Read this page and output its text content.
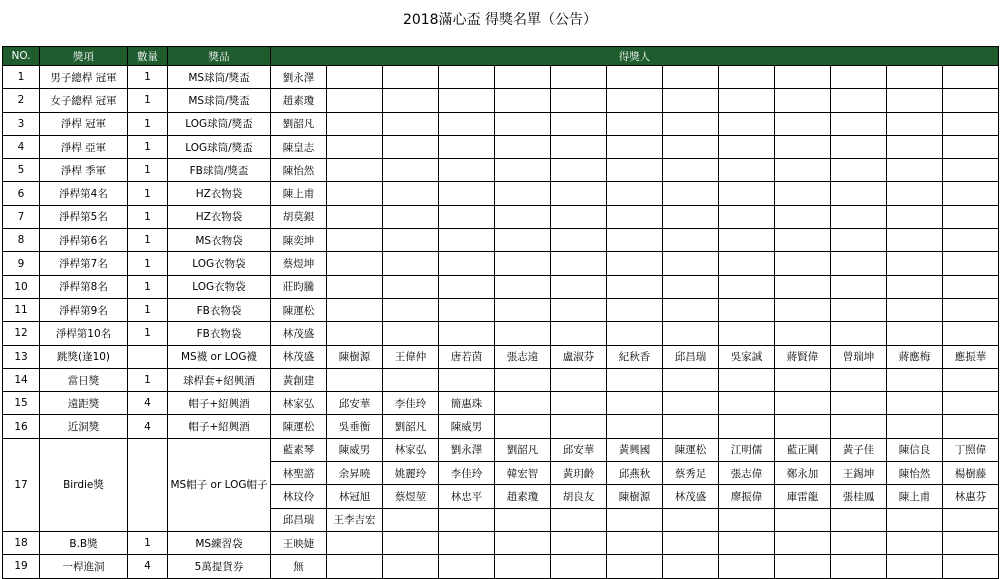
2018滿心盃 得獎名單（公告）
NO.	獎項	數量	獎品	得獎人												
1	男子總桿 冠軍	1	MS球筒/獎盃	劉永澤												
2	女子總桿 冠軍	1	MS球筒/獎盃	趙素瓊												
3	淨桿 冠軍	1	LOG球筒/獎盃	劉韶凡												
4	淨桿 亞軍	1	LOG球筒/獎盃	陳皇志												
5	淨桿 季軍	1	FB球筒/獎盃	陳怡然												
6	淨桿第4名	1	HZ衣物袋	陳上甫												
7	淨桿第5名	1	HZ衣物袋	胡莫銀												
8	淨桿第6名	1	MS衣物袋	陳奕坤												
9	淨桿第7名	1	LOG衣物袋	蔡煜坤												
10	淨桿第8名	1	LOG衣物袋	莊昀騰												
11	淨桿第9名	1	FB衣物袋	陳運松												
12	淨桿第10名	1	FB衣物袋	林茂盛												
13	跳獎(逢10)		MS襪 or LOG襪	林茂盛	陳樹源	王偉仲	唐若茵	張志遠	盧淑芬	紀秋香	邱昌瑞	吳家誠	蔣賢偉	曾瑞坤	蔣應梅	應振華
14	當日獎	1	球桿套+紹興酒	黃創建												
15	遠距獎	4	帽子+紹興酒	林家弘	邱安華	李佳玲	簡惠珠									
16	近洞獎	4	帽子+紹興酒	陳運松	吳垂衡	劉韶凡	陳威男									
17	Birdie獎		MS帽子 or LOG帽子	藍素琴	陳威男	林家弘	劉永澤	劉韶凡	邱安華	黃興國	陳運松	江明儒	藍正剛	黃子佳	陳信良	丁照偉
				林聖諮	余昇曉	姚麗玲	李佳玲	韓宏智	黃玥齡	邱燕秋	蔡秀足	張志偉	鄭永加	王錫坤	陳怡然	楊樹藤
				林玟伶	林冠旭	蔡煜堃	林忠平	趙素瓊	胡良友	陳樹源	林茂盛	廖振偉	庫雷龍	張桂鳳	陳上甫	林惠芬
				邱昌瑞	王李吉宏											
18	B.B獎	1	MS練習袋	王映婕												
19	一桿進洞	4	5萬提貨券	無												
